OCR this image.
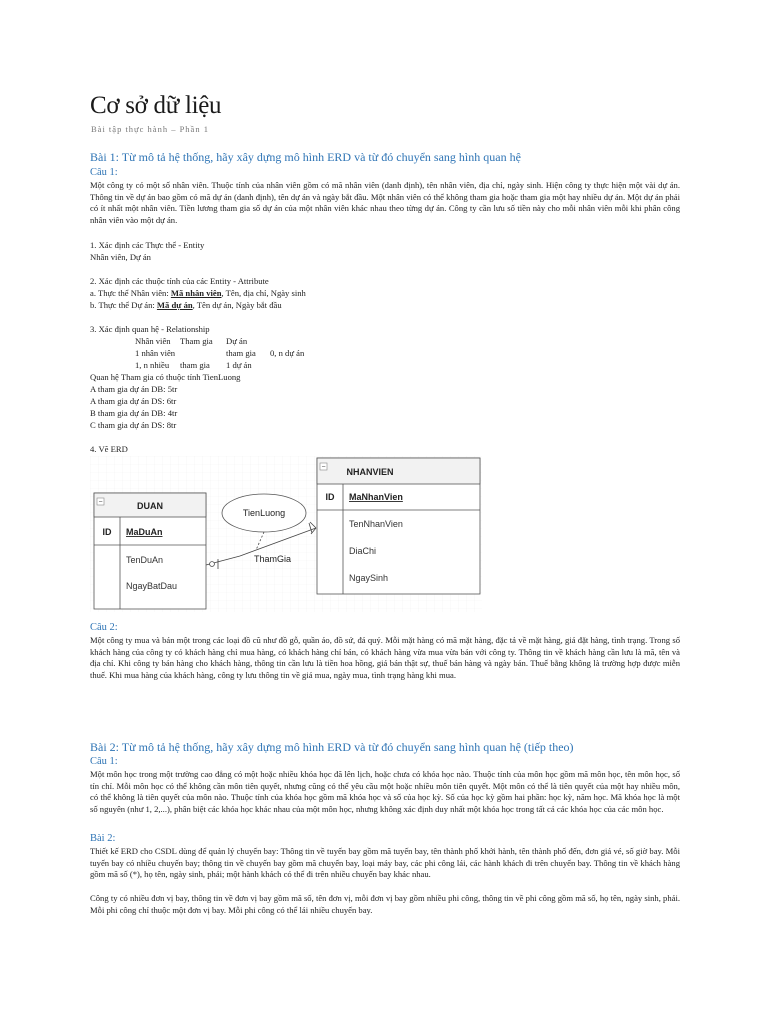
Cơ sở dữ liệu
Bài tập thực hành – Phần 1
Bài 1: Từ mô tả hệ thống, hãy xây dựng mô hình ERD và từ đó chuyển sang hình quan hệ
Câu 1:
Một công ty có một số nhân viên. Thuộc tính của nhân viên gồm có mã nhân viên (danh định), tên nhân viên, địa chỉ, ngày sinh. Hiện công ty thực hiện một vài dự án. Thông tin về dự án bao gồm có mã dự án (danh định), tên dự án và ngày bắt đầu. Một nhân viên có thể không tham gia hoặc tham gia một hay nhiều dự án. Một dự án phải có ít nhất một nhân viên. Tiền lương tham gia số dự án của một nhân viên khác nhau theo từng dự án. Công ty cần lưu số tiền này cho mỗi nhân viên mỗi khi phân công nhân viên vào một dự án.
1. Xác định các Thực thể - Entity
Nhân viên, Dự án
2. Xác định các thuộc tính của các Entity - Attribute
a. Thực thể Nhân viên: Mã nhân viên, Tên, địa chỉ, Ngày sinh
b. Thực thể Dự án: Mã dự án, Tên dự án, Ngày bắt đầu
3. Xác định quan hệ - Relationship
Nhân viên Tham gia Dự án
1 nhân viên	tham gia 0, n dự án
1, n nhiều tham gia 1 dự án
Quan hệ Tham gia có thuộc tính TienLuong
A tham gia dự án DB: 5tr
A tham gia dự án DS: 6tr
B tham gia dự án DB: 4tr
C tham gia dự án DS: 8tr
4. Vẽ ERD
−	DUAN
ID MaDuAn
TenDuAn
NgayBatDau
− NHANVIEN
ID MaNhanVien
TenNhanVien
DiaChi
NgaySinh
TienLuong
ThamGia
Câu 2:
Một công ty mua và bán một trong các loại đồ cũ như đồ gỗ, quần áo, đồ sứ, đá quý. Mỗi mặt hàng có mã mặt hàng, đặc tả về mặt hàng, giá đặt hàng, tình trạng. Trong số khách hàng của công ty có khách hàng chỉ mua hàng, có khách hàng chỉ bán, có khách hàng vừa mua vừa bán với công ty. Thông tin về khách hàng cần lưu là mã, tên và địa chỉ. Khi công ty bán hàng cho khách hàng, thông tin cần lưu là tiền hoa hồng, giá bán thật sự, thuế bán hàng và ngày bán. Thuế bằng không là trường hợp được miễn thuế. Khi mua hàng của khách hàng, công ty lưu thông tin về giá mua, ngày mua, tình trạng hàng khi mua.
Bài 2: Từ mô tả hệ thống, hãy xây dựng mô hình ERD và từ đó chuyển sang hình quan hệ (tiếp theo)
Câu 1:
Một môn học trong một trường cao đẳng có một hoặc nhiều khóa học đã lên lịch, hoặc chưa có khóa học nào. Thuộc tính của môn học gồm mã môn học, tên môn học, số tín chỉ. Mỗi môn học có thể không cần môn tiên quyết, nhưng cũng có thể yêu cầu một hoặc nhiều môn tiên quyết. Một môn có thể là tiên quyết của một hay nhiều môn, có thể không là tiên quyết của môn nào. Thuộc tính của khóa học gồm mã khóa học và số của học kỳ. Số của học kỳ gồm hai phần: học kỳ, năm học. Mã khóa học là một số nguyên (như 1, 2,...), phân biệt các khóa học khác nhau của một môn học, nhưng không xác định duy nhất một khóa học trong tất cả các khóa học của các môn học.
Bài 2:
Thiết kế ERD cho CSDL dùng để quản lý chuyến bay: Thông tin về tuyến bay gồm mã tuyến bay, tên thành phố khởi hành, tên thành phố đến, đơn giá vé, số giờ bay. Mỗi tuyến bay có nhiều chuyến bay; thông tin về chuyến bay gồm mã chuyến bay, loại máy bay, các phi công lái, các hành khách đi trên chuyến bay. Thông tin về khách hàng gồm mã số (*), họ tên, ngày sinh, phái; một hành khách có thể đi trên nhiều chuyến bay khác nhau.
Công ty có nhiều đơn vị bay, thông tin về đơn vị bay gồm mã số, tên đơn vị, mỗi đơn vị bay gồm nhiều phi công, thông tin về phi công gồm mã số, họ tên, ngày sinh, phái. Mỗi phi công chỉ thuộc một đơn vị bay. Mỗi phi công có thể lái nhiều chuyến bay.
